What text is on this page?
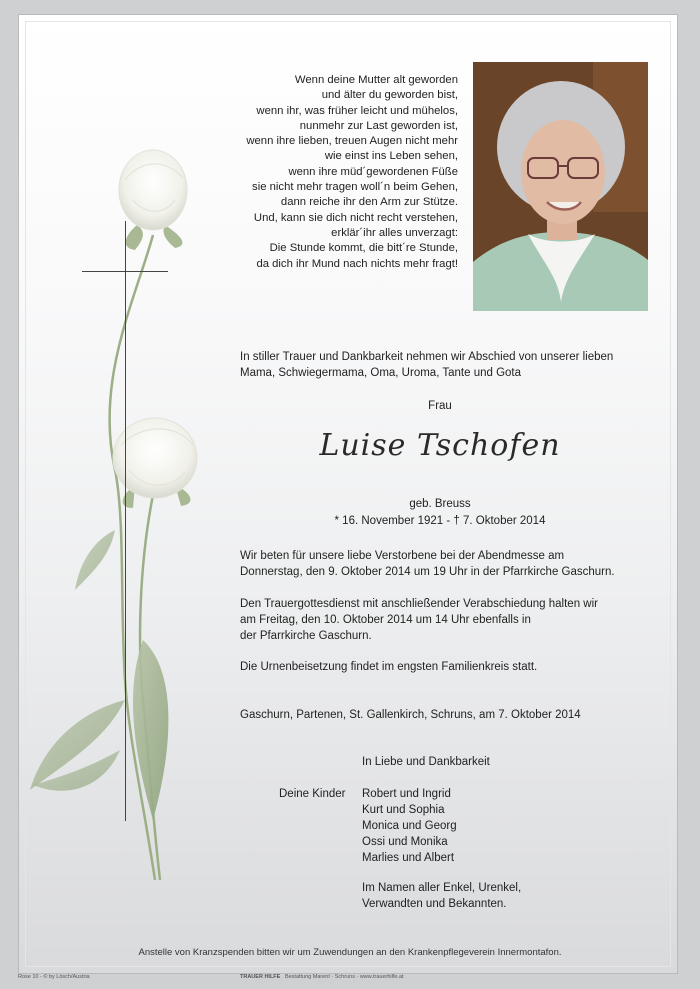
Wenn deine Mutter alt geworden
und älter du geworden bist,
wenn ihr, was früher leicht und mühelos,
nunmehr zur Last geworden ist,
wenn ihre lieben, treuen Augen nicht mehr
wie einst ins Leben sehen,
wenn ihre müd´gewordenen Füße
sie nicht mehr tragen woll´n beim Gehen,
dann reiche ihr den Arm zur Stütze.
Und, kann sie dich nicht recht verstehen,
erklär´ihr alles unverzagt:
Die Stunde kommt, die bitt´re Stunde,
da dich ihr Mund nach nichts mehr fragt!
In stiller Trauer und Dankbarkeit nehmen wir Abschied von unserer lieben
Mama, Schwiegermama, Oma, Uroma, Tante und Gota
Frau
Luise Tschofen
geb. Breuss
* 16. November 1921 - † 7. Oktober 2014
Wir beten für unsere liebe Verstorbene bei der Abendmesse am
Donnerstag, den 9. Oktober 2014 um 19 Uhr in der Pfarrkirche Gaschurn.
Den Trauergottesdienst mit anschließender Verabschiedung halten wir
am Freitag, den 10. Oktober 2014 um 14 Uhr ebenfalls in
der Pfarrkirche Gaschurn.
Die Urnenbeisetzung findet im engsten Familienkreis statt.
Gaschurn, Partenen, St. Gallenkirch, Schruns, am 7. Oktober 2014
In Liebe und Dankbarkeit
Deine Kinder	Robert und Ingrid
Kurt und Sophia
Monica und Georg
Ossi und Monika
Marlies und Albert
Im Namen aller Enkel, Urenkel,
Verwandten und Bekannten.
Anstelle von Kranzspenden bitten wir um Zuwendungen an den Krankenpflegeverein Innermontafon.
Rose 10 - © by Lösch/Austria	TRAUER HILFE Bestattung Marent · Schruns · www.trauerhilfe.at
